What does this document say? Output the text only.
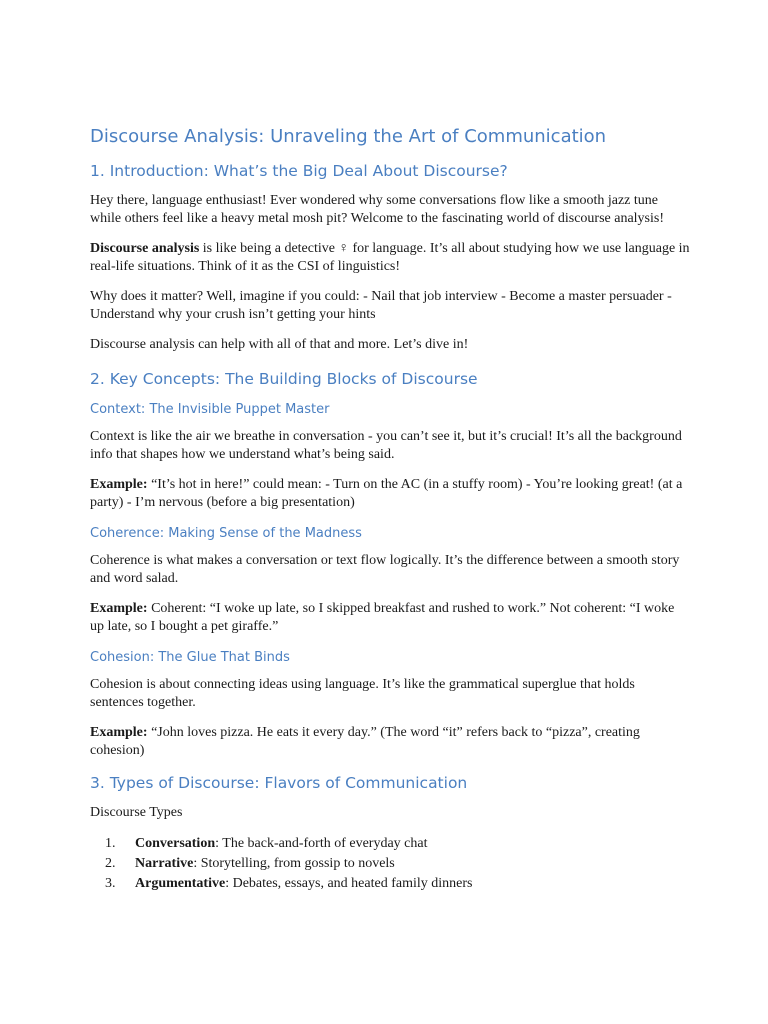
Discourse Analysis: Unraveling the Art of Communication
1. Introduction: What’s the Big Deal About Discourse?

Hey there, language enthusiast! Ever wondered why some conversations flow like a smooth jazz tune while others feel like a heavy metal mosh pit? Welcome to the fascinating world of discourse analysis!

Discourse analysis is like being a detective ♀ for language. It’s all about studying how we use language in real-life situations. Think of it as the CSI of linguistics!

Why does it matter? Well, imagine if you could: - Nail that job interview - Become a master persuader - Understand why your crush isn’t getting your hints

Discourse analysis can help with all of that and more. Let’s dive in!

2. Key Concepts: The Building Blocks of Discourse
Context: The Invisible Puppet Master

Context is like the air we breathe in conversation - you can’t see it, but it’s crucial! It’s all the background info that shapes how we understand what’s being said.

Example: “It’s hot in here!” could mean: - Turn on the AC (in a stuffy room) - You’re looking great! (at a party) - I’m nervous (before a big presentation)

Coherence: Making Sense of the Madness

Coherence is what makes a conversation or text flow logically. It’s the difference between a smooth story and word salad.

Example: Coherent: “I woke up late, so I skipped breakfast and rushed to work.” Not coherent: “I woke up late, so I bought a pet giraffe.”

Cohesion: The Glue That Binds

Cohesion is about connecting ideas using language. It’s like the grammatical superglue that holds sentences together.

Example: “John loves pizza. He eats it every day.” (The word “it” refers back to “pizza”, creating cohesion)

3. Types of Discourse: Flavors of Communication

Discourse Types

1. Conversation: The back-and-forth of everyday chat
2. Narrative: Storytelling, from gossip to novels
3. Argumentative: Debates, essays, and heated family dinners
